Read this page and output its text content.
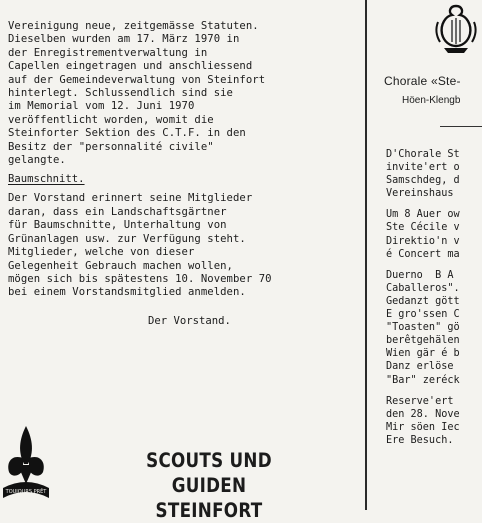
Vereinigung neue, zeitgemässe Statuten.
Dieselben wurden am 17. März 1970 in
der Enregistrementverwaltung in
Capellen eingetragen und anschliessend
auf der Gemeindeverwaltung von Steinfort
hinterlegt. Schlussendlich sind sie
im Memorial vom 12. Juni 1970
veröffentlicht worden, womit die
Steinforter Sektion des C.T.F. in den
Besitz der "personnalité civile"
gelangte.

Baumschnitt.

Der Vorstand erinnert seine Mitglieder
daran, dass ein Landschaftsgärtner
für Baumschnitte, Unterhaltung von
Grünanlagen usw. zur Verfügung steht.
Mitglieder, welche von dieser
Gelegenheit Gebrauch machen wollen,
mögen sich bis spätestens 10. November 70
bei einem Vorstandsmitglied anmelden.

Der Vorstand.
TOUJOURS PRÊT
SCOUTS UND GUIDEN
STEINFORT
Chorale «Ste-
Höen-Klengb

D'Chorale St
invite'ert o
Samschdeg, d
Vereinshaus

Um 8 Auer ow
Ste Cécile v
Direktio'n v
é Concert ma

Duerno  B A
Caballeros".
Gedanzt gött
E gro'ssen C
"Toasten" gö
berêtgehälen
Wien gär é b
Danz erlöse
"Bar" zeréck

Reserve'ert
den 28. Nove
Mir söen Iec
Ere Besuch.
